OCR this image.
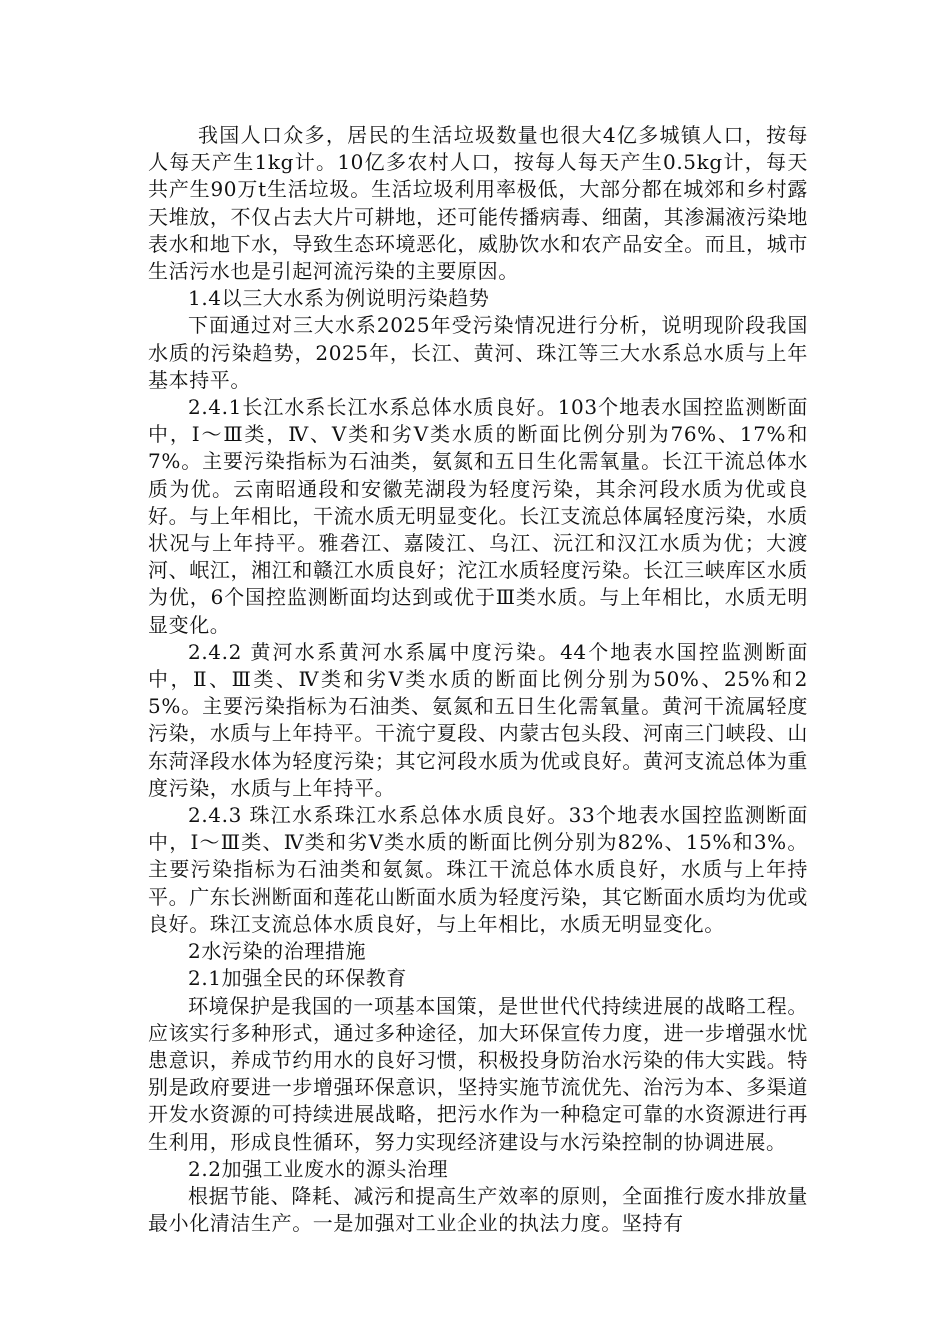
我国人口众多，居民的生活垃圾数量也很大4亿多城镇人口，按每人每天产生1kg计。10亿多农村人口，按每人每天产生0.5kg计，每天共产生90万t生活垃圾。生活垃圾利用率极低，大部分都在城郊和乡村露天堆放，不仅占去大片可耕地，还可能传播病毒、细菌，其渗漏液污染地表水和地下水，导致生态环境恶化，威胁饮水和农产品安全。而且，城市生活污水也是引起河流污染的主要原因。

1.4以三大水系为例说明污染趋势

下面通过对三大水系2025年受污染情况进行分析，说明现阶段我国水质的污染趋势，2025年，长江、黄河、珠江等三大水系总水质与上年基本持平。

2.4.1长江水系长江水系总体水质良好。103个地表水国控监测断面中，Ⅰ～Ⅲ类，Ⅳ、Ⅴ类和劣Ⅴ类水质的断面比例分别为76%、17%和7%。主要污染指标为石油类，氨氮和五日生化需氧量。长江干流总体水质为优。云南昭通段和安徽芜湖段为轻度污染，其余河段水质为优或良好。与上年相比，干流水质无明显变化。长江支流总体属轻度污染，水质状况与上年持平。雅砻江、嘉陵江、乌江、沅江和汉江水质为优；大渡河、岷江，湘江和赣江水质良好；沱江水质轻度污染。长江三峡库区水质为优，6个国控监测断面均达到或优于Ⅲ类水质。与上年相比，水质无明显变化。

2.4.2 黄河水系黄河水系属中度污染。44个地表水国控监测断面中，Ⅱ、Ⅲ类、Ⅳ类和劣Ⅴ类水质的断面比例分别为50%、25%和25%。主要污染指标为石油类、氨氮和五日生化需氧量。黄河干流属轻度污染，水质与上年持平。干流宁夏段、内蒙古包头段、河南三门峡段、山东菏泽段水体为轻度污染；其它河段水质为优或良好。黄河支流总体为重度污染，水质与上年持平。

2.4.3 珠江水系珠江水系总体水质良好。33个地表水国控监测断面中，Ⅰ～Ⅲ类、Ⅳ类和劣Ⅴ类水质的断面比例分别为82%、15%和3%。主要污染指标为石油类和氨氮。珠江干流总体水质良好，水质与上年持平。广东长洲断面和莲花山断面水质为轻度污染，其它断面水质均为优或良好。珠江支流总体水质良好，与上年相比，水质无明显变化。

2水污染的治理措施

2.1加强全民的环保教育

环境保护是我国的一项基本国策，是世世代代持续进展的战略工程。应该实行多种形式，通过多种途径，加大环保宣传力度，进一步增强水忧患意识，养成节约用水的良好习惯，积极投身防治水污染的伟大实践。特别是政府要进一步增强环保意识，坚持实施节流优先、治污为本、多渠道开发水资源的可持续进展战略，把污水作为一种稳定可靠的水资源进行再生利用，形成良性循环，努力实现经济建设与水污染控制的协调进展。

2.2加强工业废水的源头治理

根据节能、降耗、减污和提高生产效率的原则，全面推行废水排放量最小化清洁生产。一是加强对工业企业的执法力度。坚持有
